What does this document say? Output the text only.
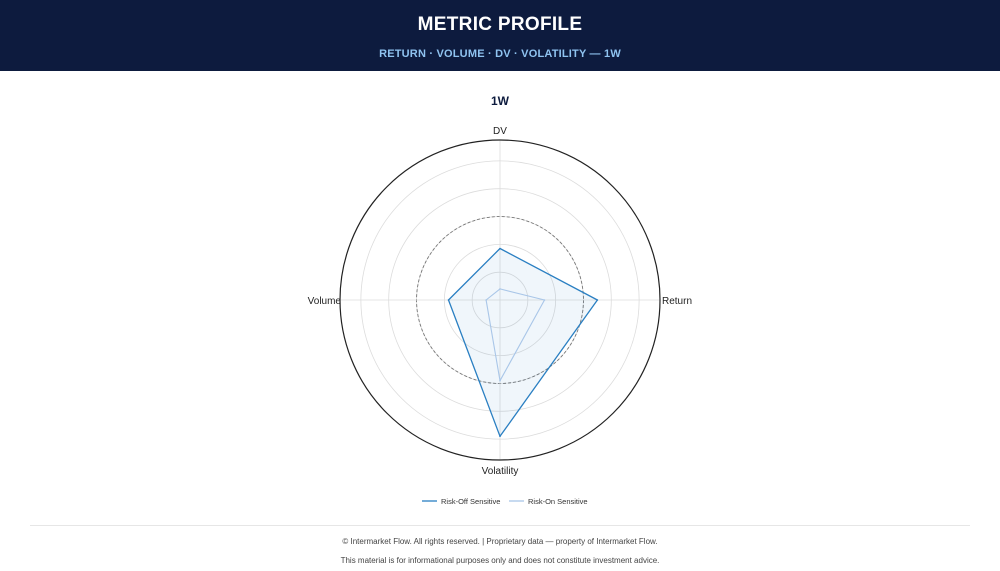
METRIC PROFILE
RETURN · VOLUME · DV · VOLATILITY — 1W
1W
Return
DV
Volume
Volatility
Risk-Off Sensitive	Risk-On Sensitive
© Intermarket Flow. All rights reserved. | Proprietary data — property of Intermarket Flow.
This material is for informational purposes only and does not constitute investment advice.
